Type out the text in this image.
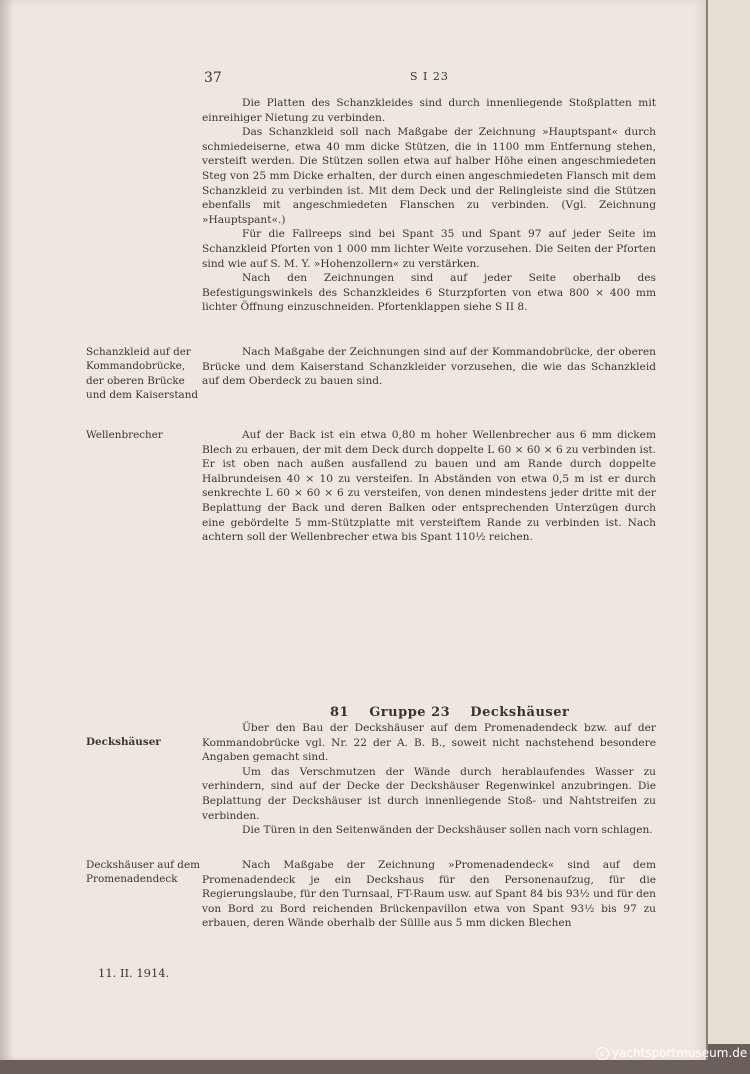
37	S I 23

Die Platten des Schanzkleides sind durch innenliegende Stoßplatten mit einreihiger Nietung zu verbinden.

Das Schanzkleid soll nach Maßgabe der Zeichnung »Hauptspant« durch schmiedeiserne, etwa 40 mm dicke Stützen, die in 1100 mm Entfernung stehen, versteift werden. Die Stützen sollen etwa auf halber Höhe einen angeschmiedeten Steg von 25 mm Dicke erhalten, der durch einen angeschmiedeten Flansch mit dem Schanzkleid zu verbinden ist. Mit dem Deck und der Relingleiste sind die Stützen ebenfalls mit angeschmiedeten Flanschen zu verbinden. (Vgl. Zeichnung »Hauptspant«.)

Für die Fallreeps sind bei Spant 35 und Spant 97 auf jeder Seite im Schanzkleid Pforten von 1 000 mm lichter Weite vorzusehen. Die Seiten der Pforten sind wie auf S. M. Y. »Hohenzollern« zu verstärken.

Nach den Zeichnungen sind auf jeder Seite oberhalb des Befestigungswinkels des Schanzkleides 6 Sturzpforten von etwa 800 × 400 mm lichter Öffnung einzuschneiden. Pfortenklappen siehe S II 8.

Schanzkleid auf der Kommandobrücke, der oberen Brücke und dem Kaiserstand

Nach Maßgabe der Zeichnungen sind auf der Kommandobrücke, der oberen Brücke und dem Kaiserstand Schanzkleider vorzusehen, die wie das Schanzkleid auf dem Oberdeck zu bauen sind.

Wellenbrecher	Auf der Back ist ein etwa 0,80 m hoher Wellenbrecher aus 6 mm dickem Blech zu erbauen, der mit dem Deck durch doppelte L 60 × 60 × 6 zu verbinden ist. Er ist oben nach außen ausfallend zu bauen und am Rande durch doppelte Halbrundeisen 40 × 10 zu versteifen. In Abständen von etwa 0,5 m ist er durch senkrechte L 60 × 60 × 6 zu versteifen, von denen mindestens jeder dritte mit der Beplattung der Back und deren Balken oder entsprechenden Unterzügen durch eine gebördelte 5 mm-Stützplatte mit versteiftem Rande zu verbinden ist. Nach achtern soll der Wellenbrecher etwa bis Spant 110½ reichen.

81 Gruppe 23 Deckshäuser
Deckshäuser

Über den Bau der Deckshäuser auf dem Promenadendeck bzw. auf der Kommandobrücke vgl. Nr. 22 der A. B. B., soweit nicht nachstehend besondere Angaben gemacht sind.

Um das Verschmutzen der Wände durch herablaufendes Wasser zu verhindern, sind auf der Decke der Deckshäuser Regenwinkel anzubringen. Die Beplattung der Deckshäuser ist durch innenliegende Stoß- und Nahtstreifen zu verbinden.

Die Türen in den Seitenwänden der Deckshäuser sollen nach vorn schlagen.

Deckshäuser auf dem Promenadendeck

Nach Maßgabe der Zeichnung »Promenadendeck« sind auf dem Promenadendeck je ein Deckshaus für den Personenaufzug, für die Regierungslaube, für den Turnsaal, FT-Raum usw. auf Spant 84 bis 93½ und für den von Bord zu Bord reichenden Brückenpavillon etwa von Spant 93½ bis 97 zu erbauen, deren Wände oberhalb der Süllle aus 5 mm dicken Blechen

11. II. 1914.
c yachtsportmuseum.de
